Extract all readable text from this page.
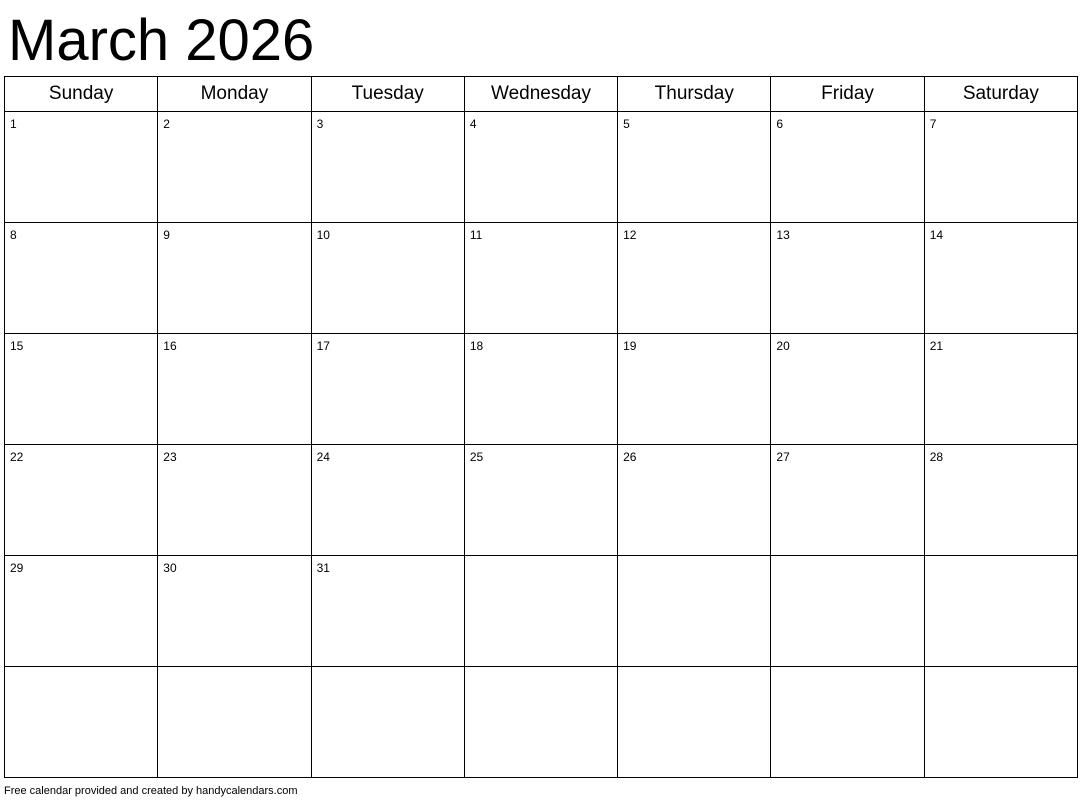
March 2026
Sunday	Monday	Tuesday	Wednesday	Thursday	Friday	Saturday

1	2	3	4	5	6	7

8	9	10	11	12	13	14

15	16	17	18	19	20	21

22	23	24	25	26	27	28

29	30	31				

Free calendar provided and created by handycalendars.com
